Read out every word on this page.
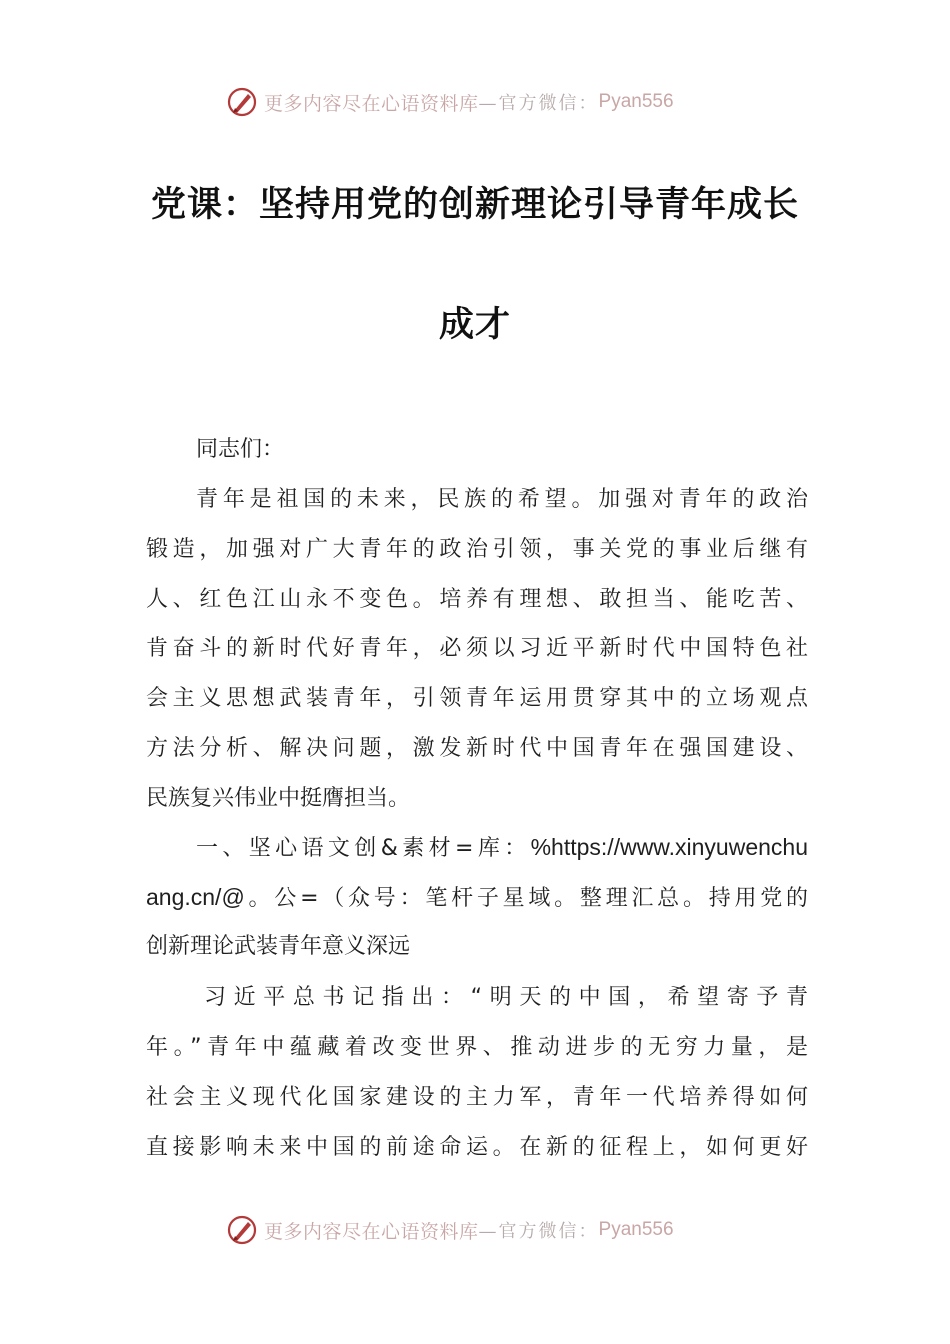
更多内容尽在心语资料库 —官方微信： Pyan556
党课：坚持用党的创新理论引导青年成长
成才
同志们：
青年是祖国的未来，民族的希望。加强对青年的政治
锻造，加强对广大青年的政治引领，事关党的事业后继有
人、红色江山永不变色。培养有理想、敢担当、能吃苦、
肯奋斗的新时代好青年，必须以习近平新时代中国特色社
会主义思想武装青年，引领青年运用贯穿其中的立场观点
方法分析、解决问题，激发新时代中国青年在强国建设、
民族复兴伟业中挺膺担当。
一、坚心语文创&素材=库：%https://www.xinyuwenchu
ang.cn/@。公=（众号：笔杆子星域。整理汇总。持用党的
创新理论武装青年意义深远
习近平总书记指出：“明天的中国，希望寄予青
年。”青年中蕴藏着改变世界、推动进步的无穷力量，是
社会主义现代化国家建设的主力军，青年一代培养得如何
直接影响未来中国的前途命运。在新的征程上，如何更好
更多内容尽在心语资料库 —官方微信： Pyan556
